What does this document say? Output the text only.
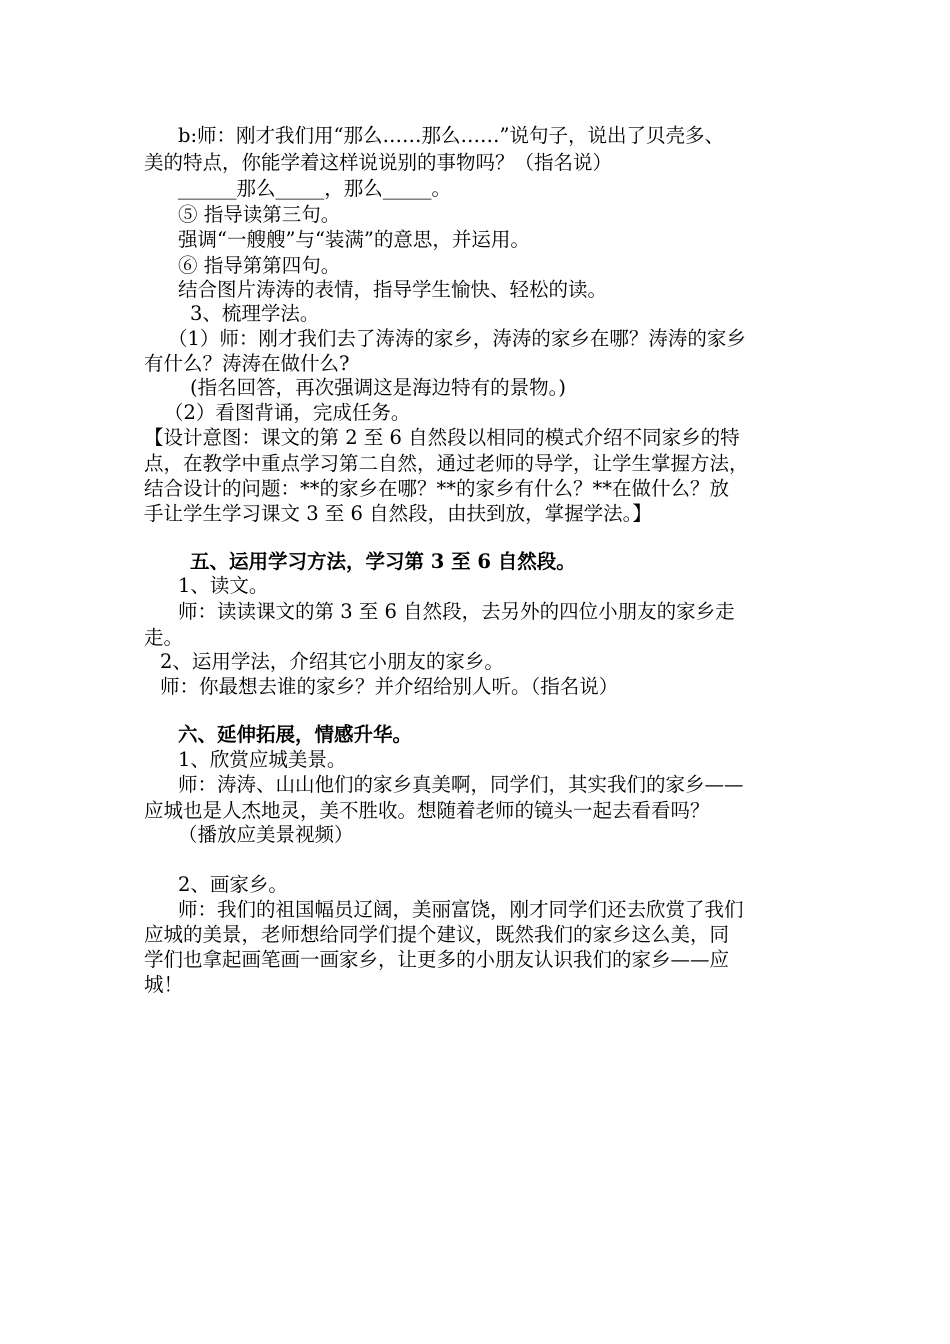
b:师：刚才我们用“那么……那么……”说句子，说出了贝壳多、
美的特点，你能学着这样说说别的事物吗？（指名说）
______那么_____，那么_____。
⑤ 指导读第三句。
强调“一艘艘”与“装满”的意思，并运用。
⑥ 指导第第四句。
结合图片涛涛的表情，指导学生愉快、轻松的读。
3、梳理学法。
（1）师：刚才我们去了涛涛的家乡，涛涛的家乡在哪？涛涛的家乡
有什么？涛涛在做什么?
(指名回答，再次强调这是海边特有的景物。)
（2）看图背诵，完成任务。
【设计意图：课文的第 2 至 6 自然段以相同的模式介绍不同家乡的特
点，在教学中重点学习第二自然，通过老师的导学，让学生掌握方法，
结合设计的问题：**的家乡在哪？**的家乡有什么？**在做什么？放
手让学生学习课文 3 至 6 自然段，由扶到放，掌握学法。】
五、运用学习方法，学习第 3 至 6 自然段。
1、读文。
师：读读课文的第 3 至 6 自然段，去另外的四位小朋友的家乡走
走。
2、运用学法，介绍其它小朋友的家乡。
师：你最想去谁的家乡？并介绍给别人听。（指名说）
六、延伸拓展，情感升华。
1、欣赏应城美景。
师：涛涛、山山他们的家乡真美啊，同学们，其实我们的家乡——
应城也是人杰地灵，美不胜收。想随着老师的镜头一起去看看吗？
（播放应美景视频）
2、画家乡。
师：我们的祖国幅员辽阔，美丽富饶，刚才同学们还去欣赏了我们
应城的美景，老师想给同学们提个建议，既然我们的家乡这么美，同
学们也拿起画笔画一画家乡，让更多的小朋友认识我们的家乡——应
城！
